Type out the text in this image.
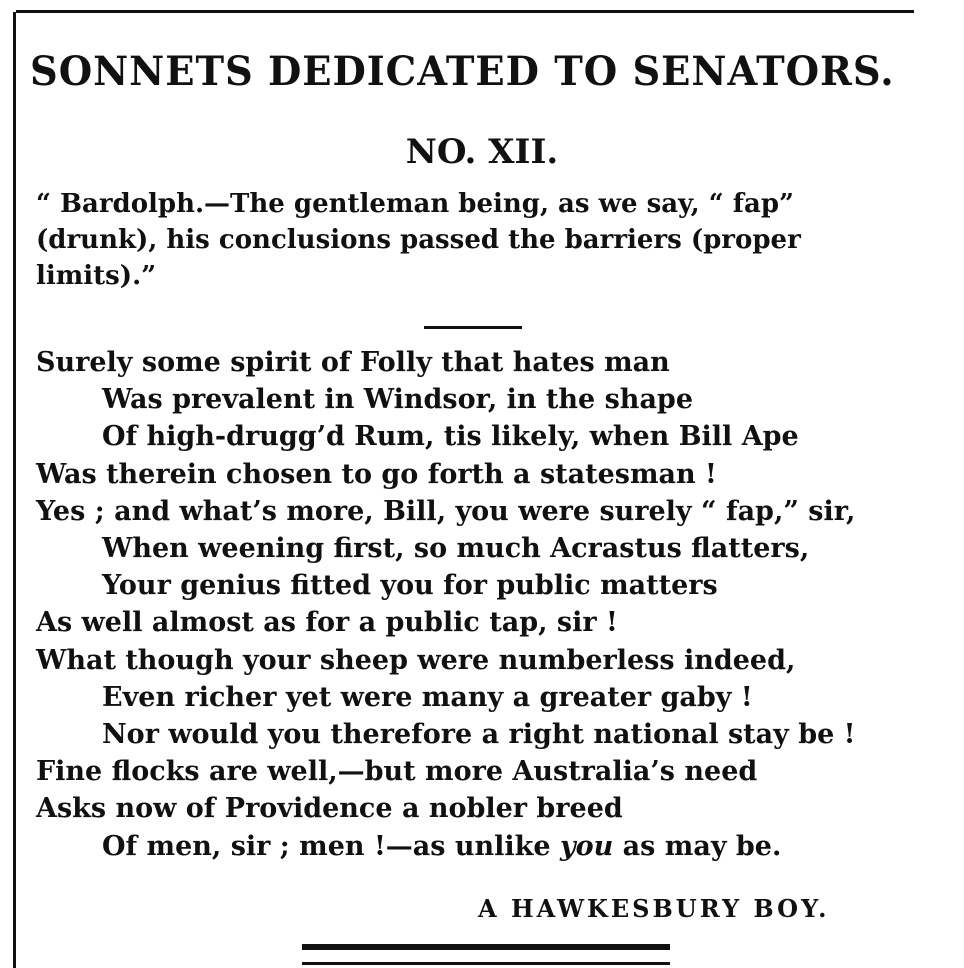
SONNETS DEDICATED TO SENATORS.
NO. XII.
“ Bardolph.—The gentleman being, as we say, “ fap”
(drunk), his conclusions passed the barriers (proper
limits).”
Surely some spirit of Folly that hates man
Was prevalent in Windsor, in the shape
Of high-drugg’d Rum, tis likely, when Bill Ape
Was therein chosen to go forth a statesman !
Yes ; and what’s more, Bill, you were surely “ fap,” sir,
When weening first, so much Acrastus flatters,
Your genius fitted you for public matters
As well almost as for a public tap, sir !
What though your sheep were numberless indeed,
Even richer yet were many a greater gaby !
Nor would you therefore a right national stay be !
Fine flocks are well,—but more Australia’s need
Asks now of Providence a nobler breed
Of men, sir ; men !—as unlike you as may be.
A HAWKESBURY BOY.
